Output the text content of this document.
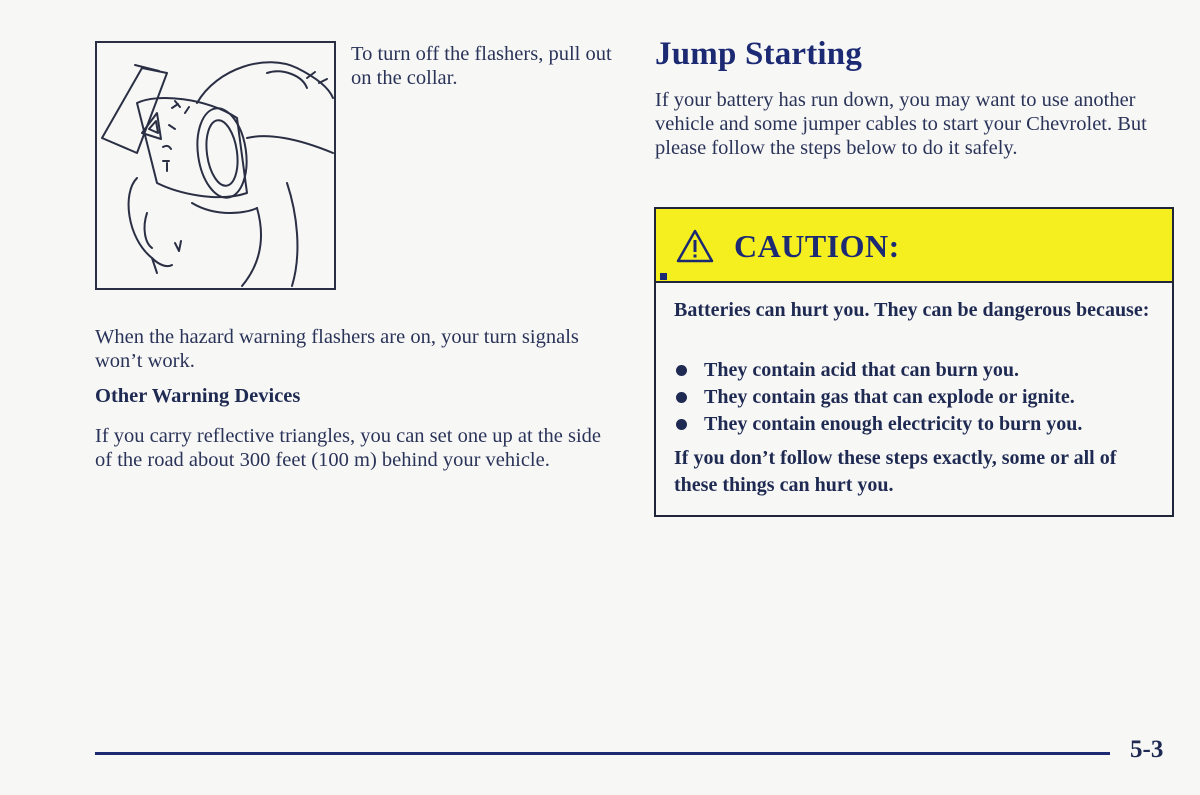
To turn off the flashers, pull out on the collar.

When the hazard warning flashers are on, your turn signals won’t work.

Other Warning Devices

If you carry reflective triangles, you can set one up at the side of the road about 300 feet (100 m) behind your vehicle.

Jump Starting

If your battery has run down, you may want to use another vehicle and some jumper cables to start your Chevrolet. But please follow the steps below to do it safely.

CAUTION:

Batteries can hurt you. They can be dangerous because:

They contain acid that can burn you.
They contain gas that can explode or ignite.
They contain enough electricity to burn you.

If you don’t follow these steps exactly, some or all of these things can hurt you.

5-3
